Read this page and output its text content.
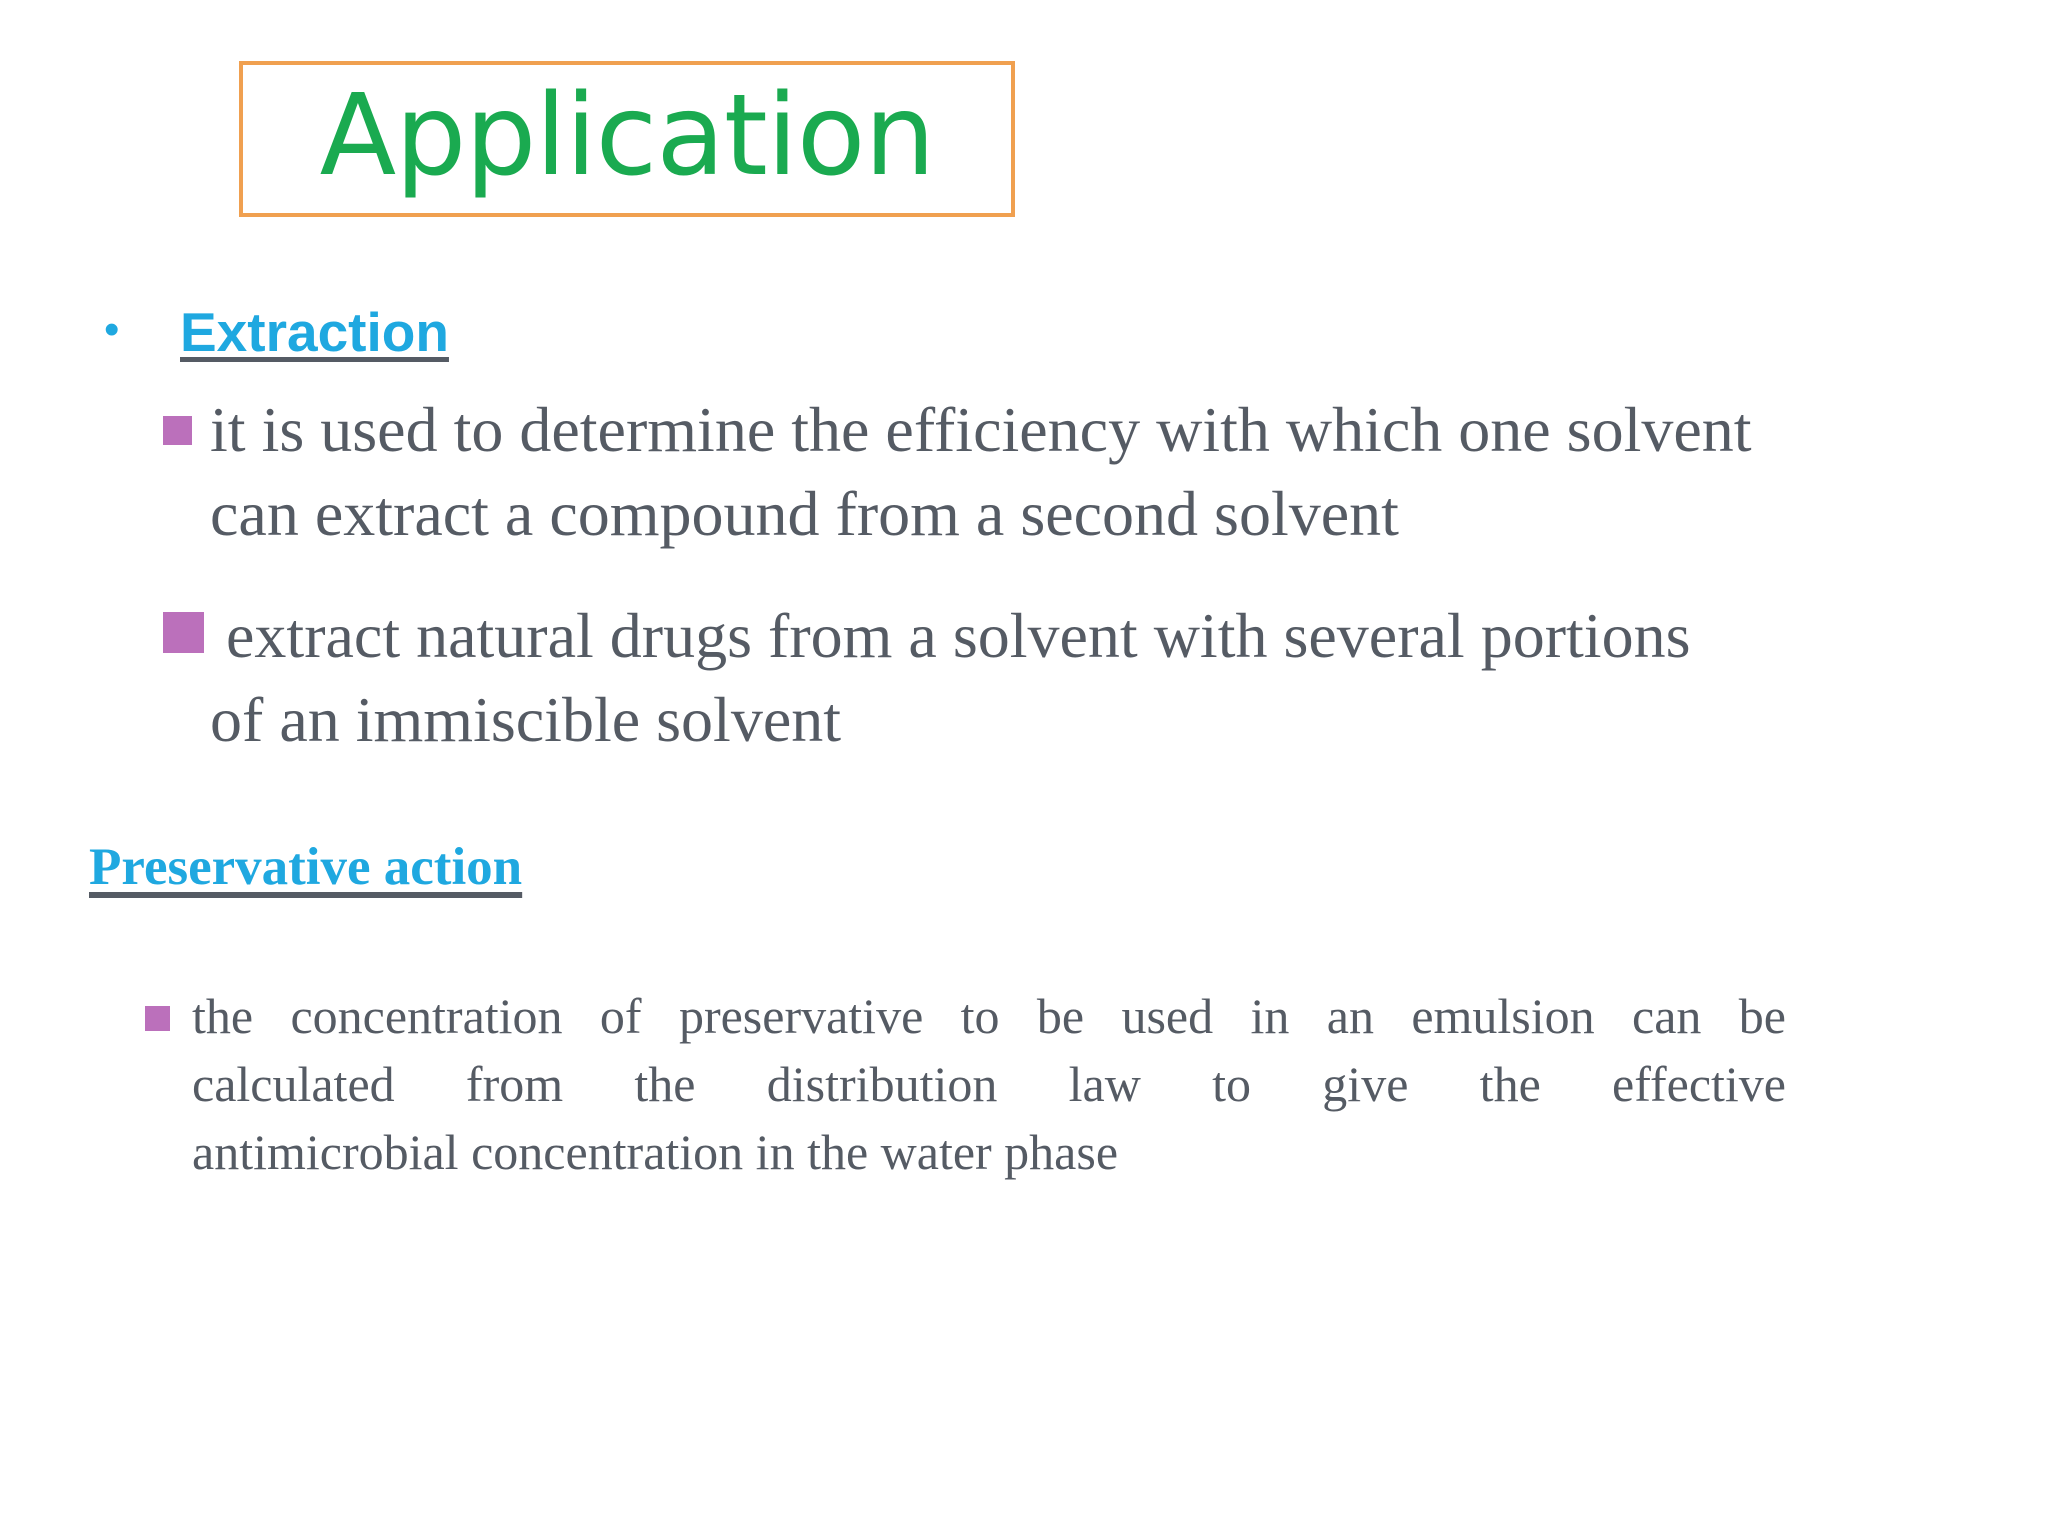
Application
• Extraction
it is used to determine the efficiency with which one solvent
can extract a compound from a second solvent
extract natural drugs from a solvent with several portions
of an immiscible solvent
Preservative action
the concentration of preservative to be used in an emulsion can be
calculated from the distribution law to give the effective
antimicrobial concentration in the water phase
